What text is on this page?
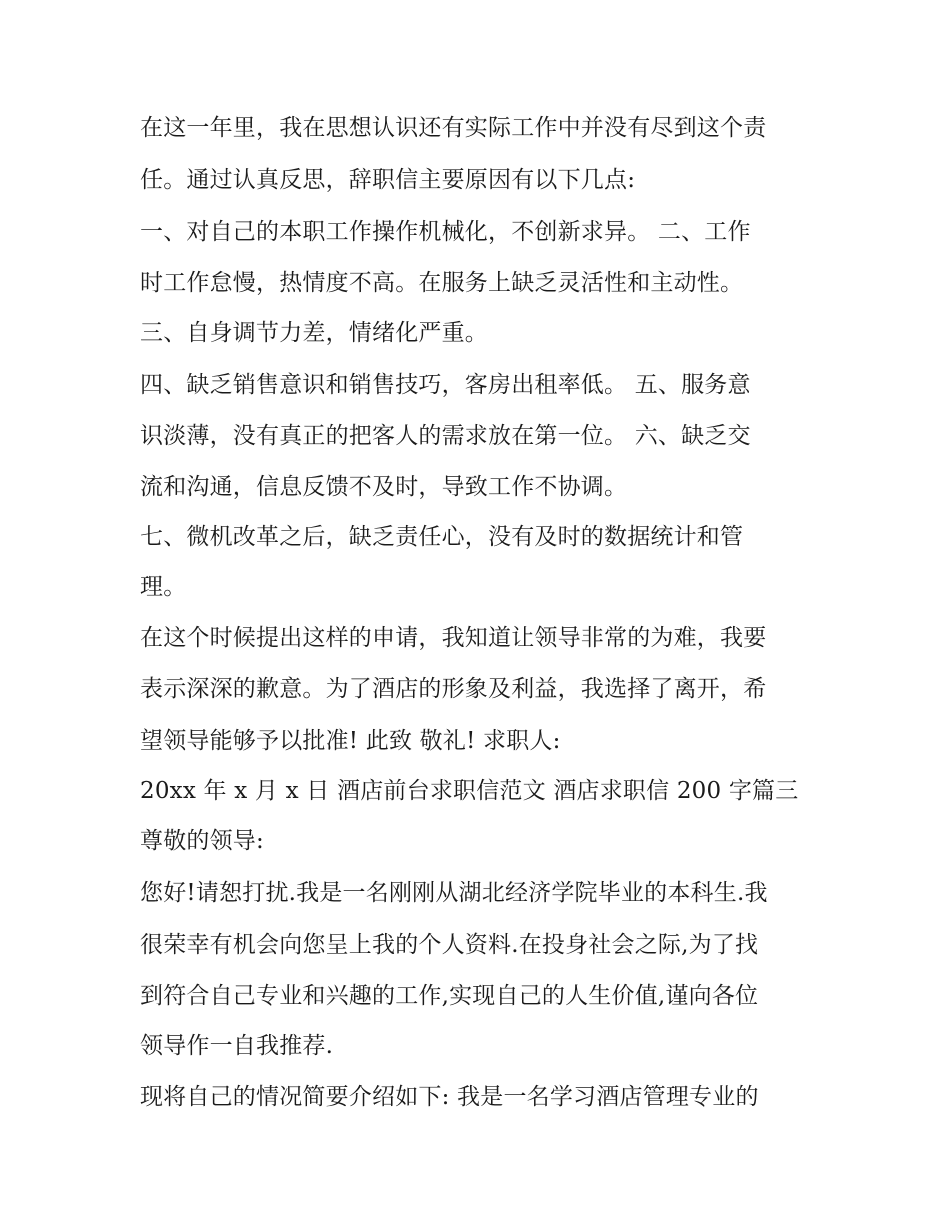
在这一年里，我在思想认识还有实际工作中并没有尽到这个责
任。通过认真反思，辞职信主要原因有以下几点:
一、对自己的本职工作操作机械化，不创新求异。 二、工作
时工作怠慢，热情度不高。在服务上缺乏灵活性和主动性。
三、自身调节力差，情绪化严重。
四、缺乏销售意识和销售技巧，客房出租率低。 五、服务意
识淡薄，没有真正的把客人的需求放在第一位。 六、缺乏交
流和沟通，信息反馈不及时，导致工作不协调。
七、微机改革之后，缺乏责任心，没有及时的数据统计和管
理。
在这个时候提出这样的申请，我知道让领导非常的为难，我要
表示深深的歉意。为了酒店的形象及利益，我选择了离开，希
望领导能够予以批准! 此致 敬礼! 求职人:
20xx 年 x 月 x 日 酒店前台求职信范文 酒店求职信 200 字篇三
尊敬的领导:
您好!请恕打扰.我是一名刚刚从湖北经济学院毕业的本科生.我
很荣幸有机会向您呈上我的个人资料.在投身社会之际,为了找
到符合自己专业和兴趣的工作,实现自己的人生价值,谨向各位
领导作一自我推荐.
现将自己的情况简要介绍如下: 我是一名学习酒店管理专业的
